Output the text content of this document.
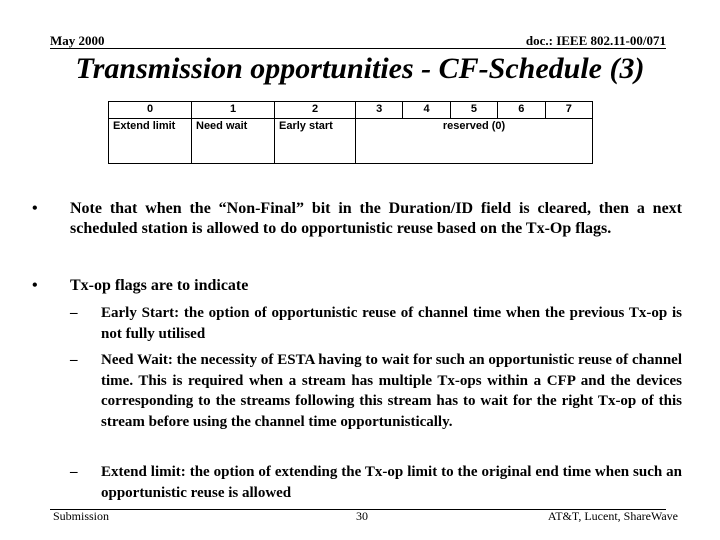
May 2000	doc.: IEEE 802.11-00/071
Transmission opportunities - CF-Schedule (3)
0	1	2	3	4	5	6	7
Extend limit	Need wait	Early start	reserved (0)				
• Note that when the “Non-Final” bit in the Duration/ID field is cleared, then a next scheduled station is allowed to do opportunistic reuse based on the Tx-Op flags.
• Tx-op flags are to indicate
– Early Start: the option of opportunistic reuse of channel time when the previous Tx-op is not fully utilised
– Need Wait: the necessity of ESTA having to wait for such an opportunistic reuse of channel time. This is required when a stream has multiple Tx-ops within a CFP and the devices corresponding to the streams following this stream has to wait for the right Tx-op of this stream before using the channel time opportunistically.
– Extend limit: the option of extending the Tx-op limit to the original end time when such an opportunistic reuse is allowed
Submission	30	AT&T, Lucent, ShareWave
